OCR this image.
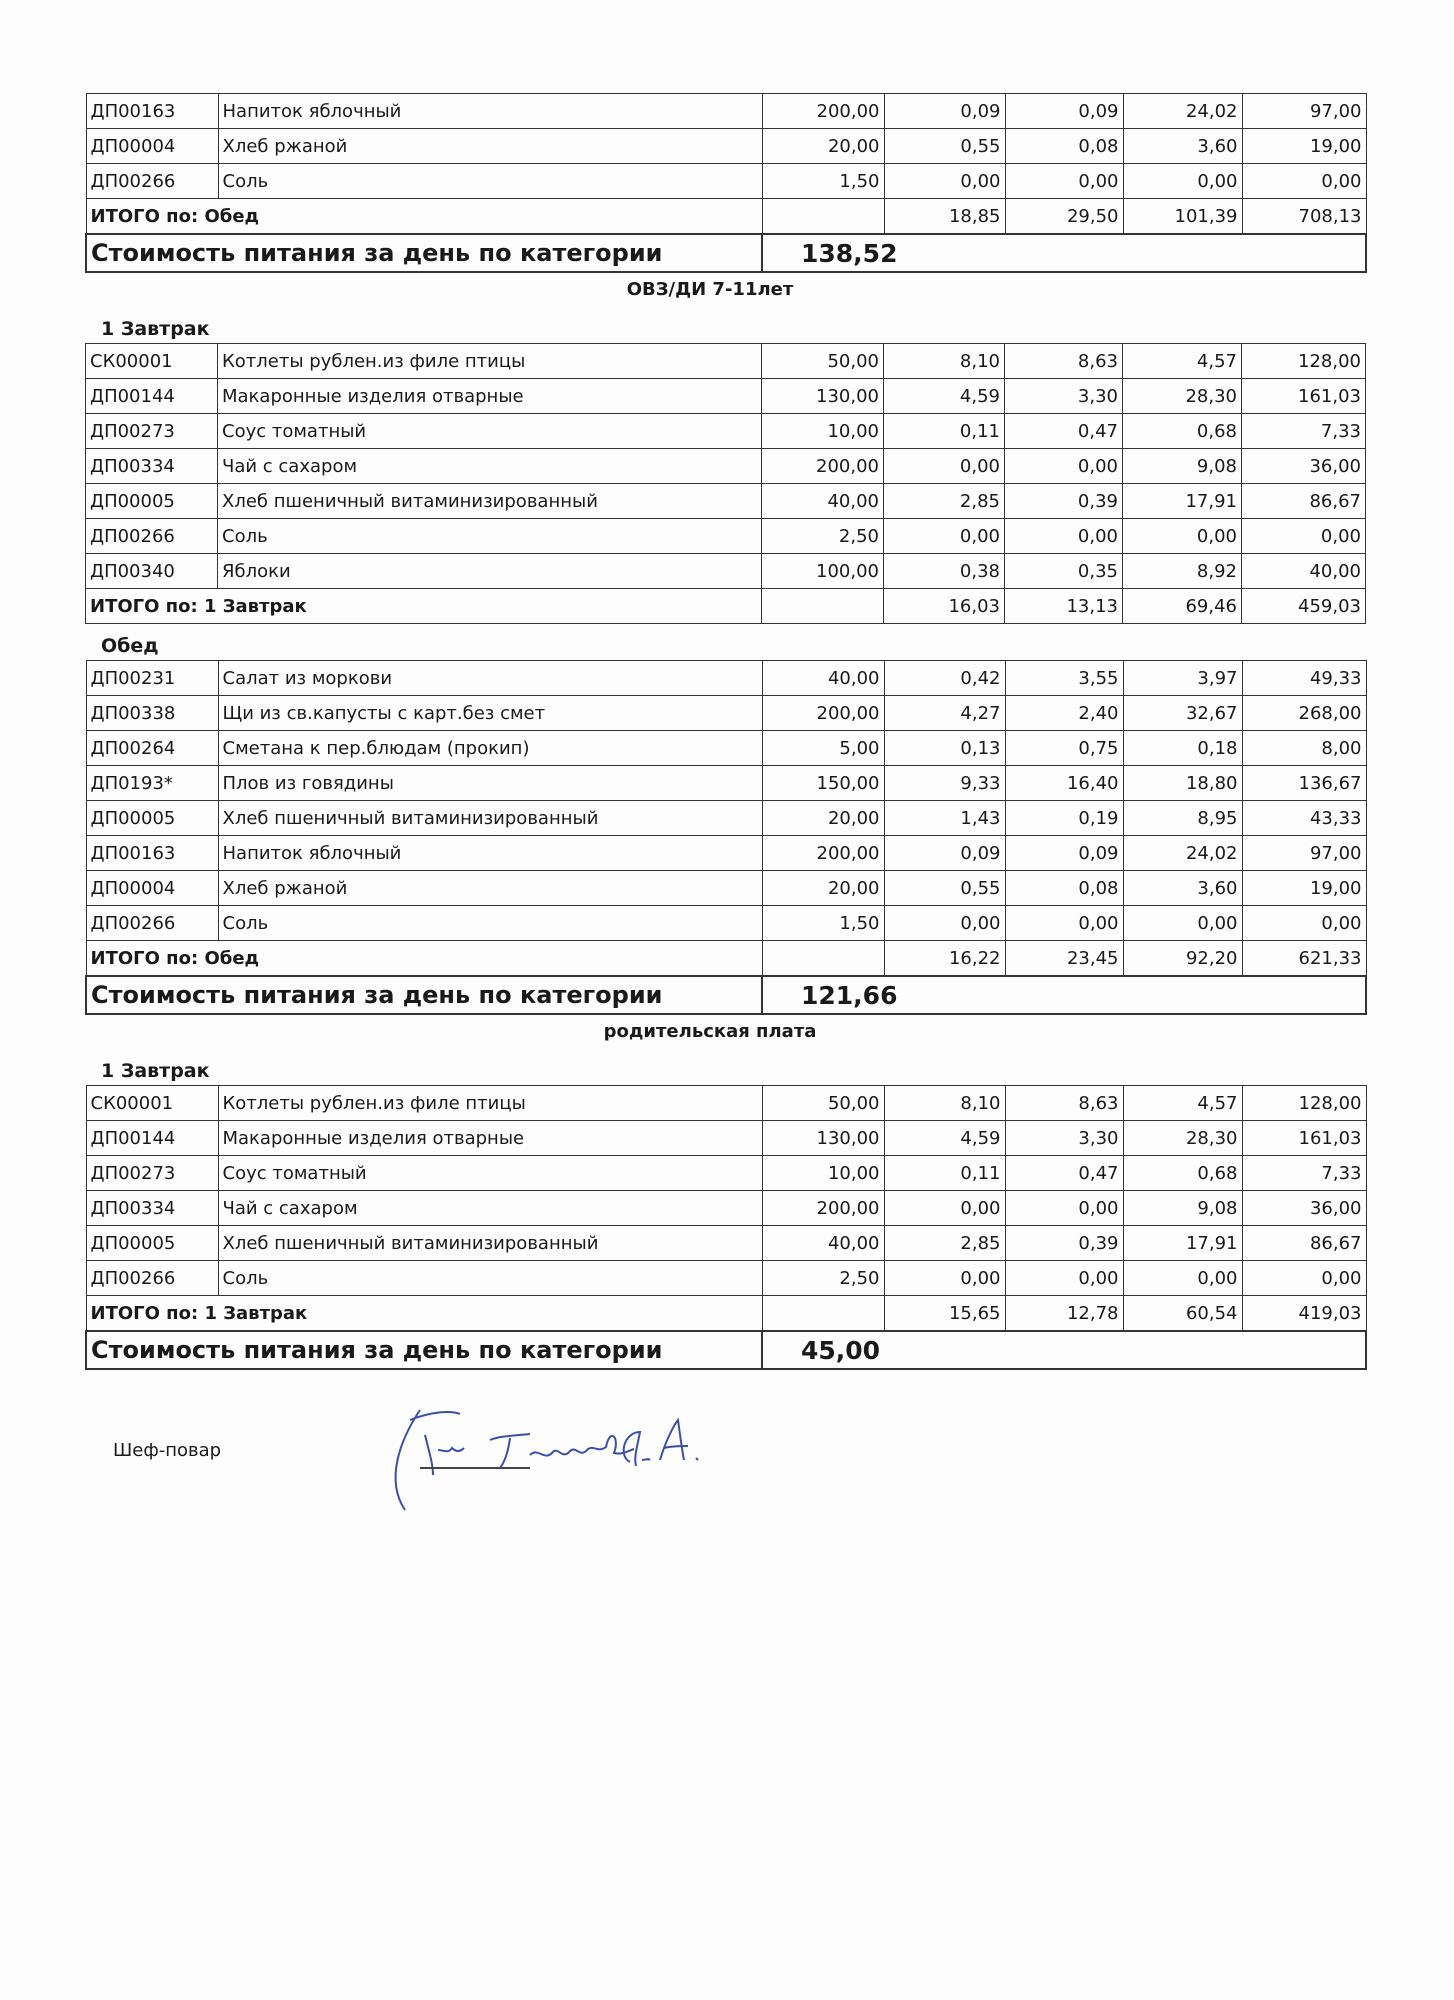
ДП00163	Напиток яблочный	200,00	0,09	0,09	24,02	97,00
ДП00004	Хлеб ржаной	20,00	0,55	0,08	3,60	19,00
ДП00266	Соль	1,50	0,00	0,00	0,00	0,00
ИТОГО по: Обед			18,85	29,50	101,39	708,13
Стоимость питания за день по категории		138,52				
ОВЗ/ДИ 7-11лет
1 Завтрак
СК00001	Котлеты рублен.из филе птицы	50,00	8,10	8,63	4,57	128,00
ДП00144	Макаронные изделия отварные	130,00	4,59	3,30	28,30	161,03
ДП00273	Соус томатный	10,00	0,11	0,47	0,68	7,33
ДП00334	Чай с сахаром	200,00	0,00	0,00	9,08	36,00
ДП00005	Хлеб пшеничный витаминизированный	40,00	2,85	0,39	17,91	86,67
ДП00266	Соль	2,50	0,00	0,00	0,00	0,00
ДП00340	Яблоки	100,00	0,38	0,35	8,92	40,00
ИТОГО по: 1 Завтрак			16,03	13,13	69,46	459,03
Обед
ДП00231	Салат из моркови	40,00	0,42	3,55	3,97	49,33
ДП00338	Щи из св.капусты с карт.без смет	200,00	4,27	2,40	32,67	268,00
ДП00264	Сметана к пер.блюдам (прокип)	5,00	0,13	0,75	0,18	8,00
ДП0193*	Плов из говядины	150,00	9,33	16,40	18,80	136,67
ДП00005	Хлеб пшеничный витаминизированный	20,00	1,43	0,19	8,95	43,33
ДП00163	Напиток яблочный	200,00	0,09	0,09	24,02	97,00
ДП00004	Хлеб ржаной	20,00	0,55	0,08	3,60	19,00
ДП00266	Соль	1,50	0,00	0,00	0,00	0,00
ИТОГО по: Обед			16,22	23,45	92,20	621,33
Стоимость питания за день по категории		121,66				
родительская плата
1 Завтрак
СК00001	Котлеты рублен.из филе птицы	50,00	8,10	8,63	4,57	128,00
ДП00144	Макаронные изделия отварные	130,00	4,59	3,30	28,30	161,03
ДП00273	Соус томатный	10,00	0,11	0,47	0,68	7,33
ДП00334	Чай с сахаром	200,00	0,00	0,00	9,08	36,00
ДП00005	Хлеб пшеничный витаминизированный	40,00	2,85	0,39	17,91	86,67
ДП00266	Соль	2,50	0,00	0,00	0,00	0,00
ИТОГО по: 1 Завтрак			15,65	12,78	60,54	419,03
Стоимость питания за день по категории		45,00				
Шеф-повар
